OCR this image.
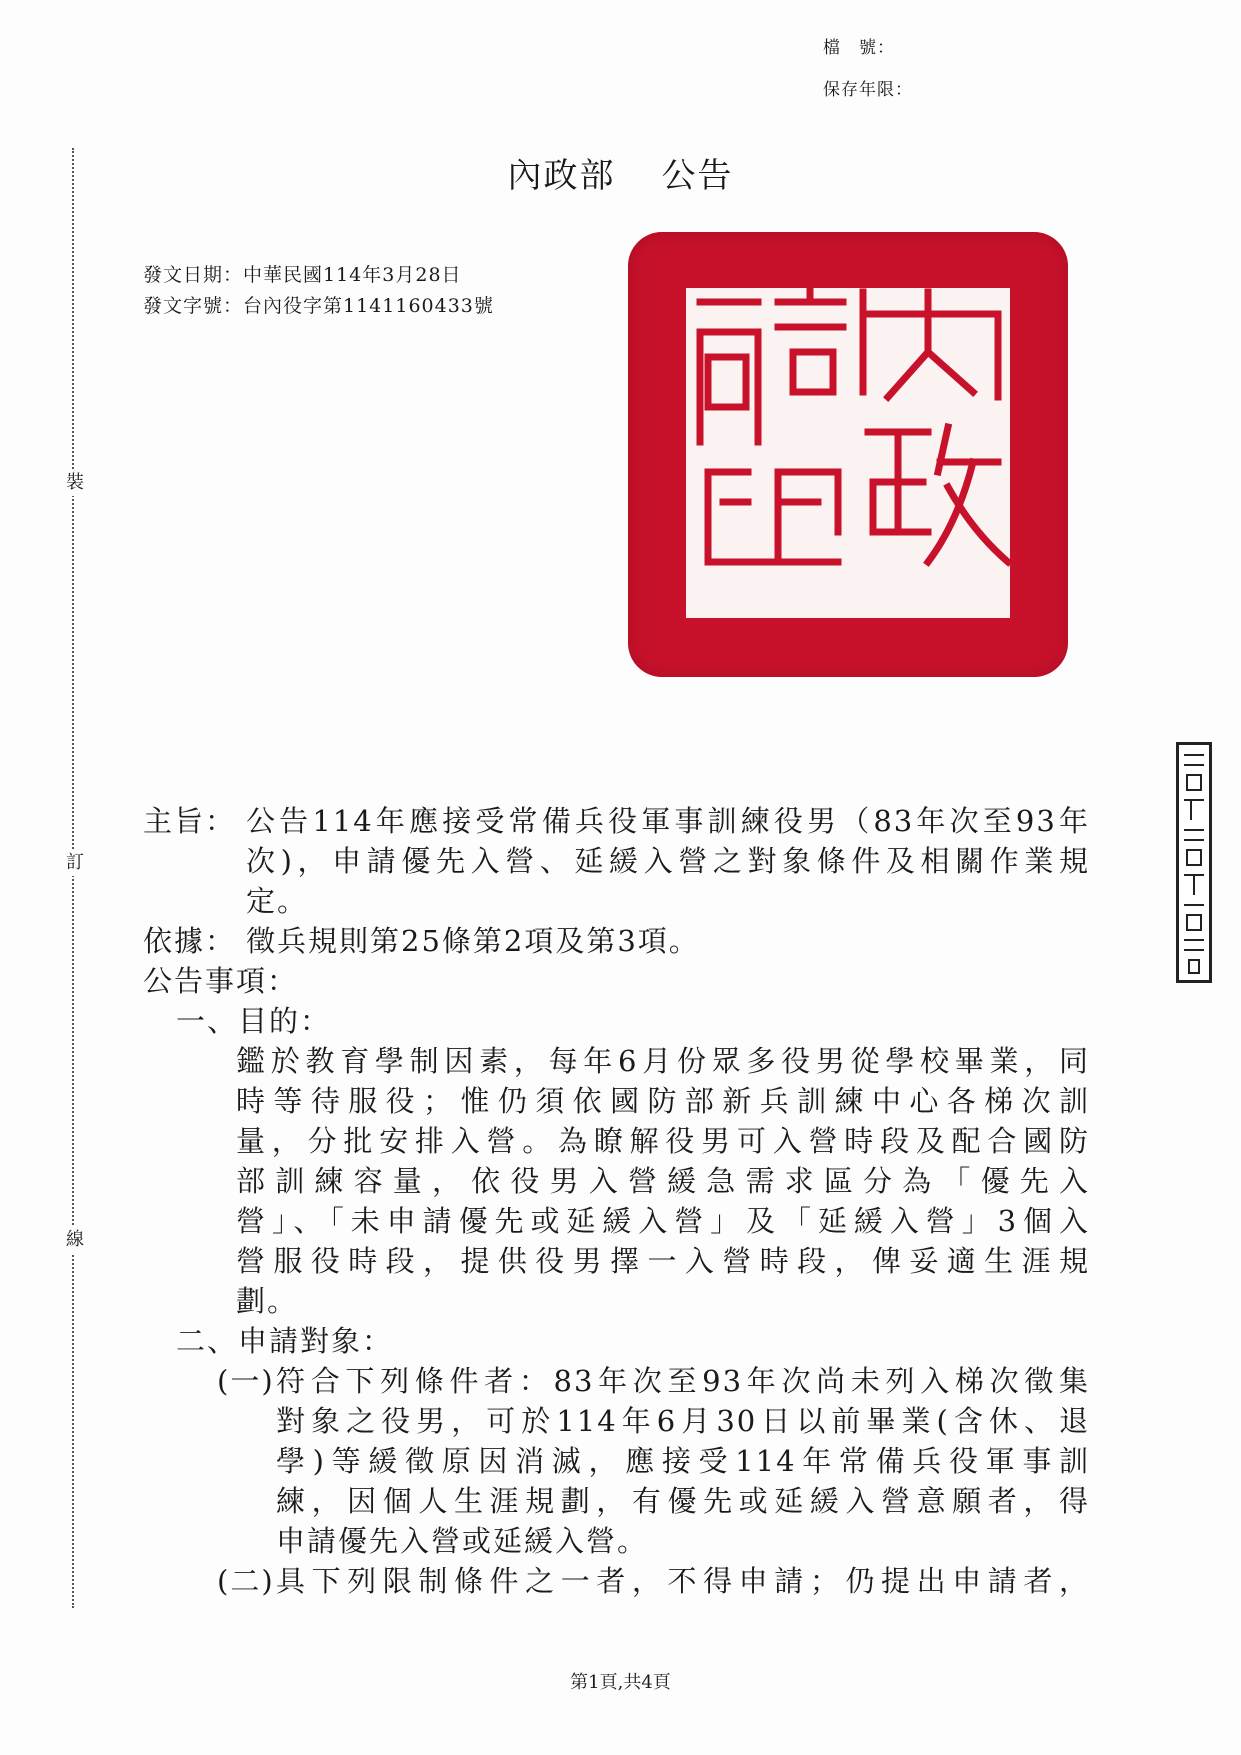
檔　號：
保存年限：
裝
訂
線
內政部 公告
發文日期：中華民國114年3月28日
發文字號：台內役字第1141160433號
主旨： 公告114年應接受常備兵役軍事訓練役男（83年次至93年
次)，申請優先入營、延緩入營之對象條件及相關作業規
定。
依據： 徵兵規則第25條第2項及第3項。
公告事項：
一、目的：
鑑於教育學制因素，每年6月份眾多役男從學校畢業，同
時等待服役；惟仍須依國防部新兵訓練中心各梯次訓
量，分批安排入營。為瞭解役男可入營時段及配合國防
部訓練容量，依役男入營緩急需求區分為「優先入
營」、「未申請優先或延緩入營」及「延緩入營」3個入
營服役時段，提供役男擇一入營時段，俾妥適生涯規
劃。
二、申請對象：
(一) 符合下列條件者：83年次至93年次尚未列入梯次徵集
對象之役男，可於114年6月30日以前畢業(含休、退
學)等緩徵原因消滅，應接受114年常備兵役軍事訓
練，因個人生涯規劃，有優先或延緩入營意願者，得
申請優先入營或延緩入營。
(二) 具下列限制條件之一者，不得申請；仍提出申請者，
第1頁,共4頁
